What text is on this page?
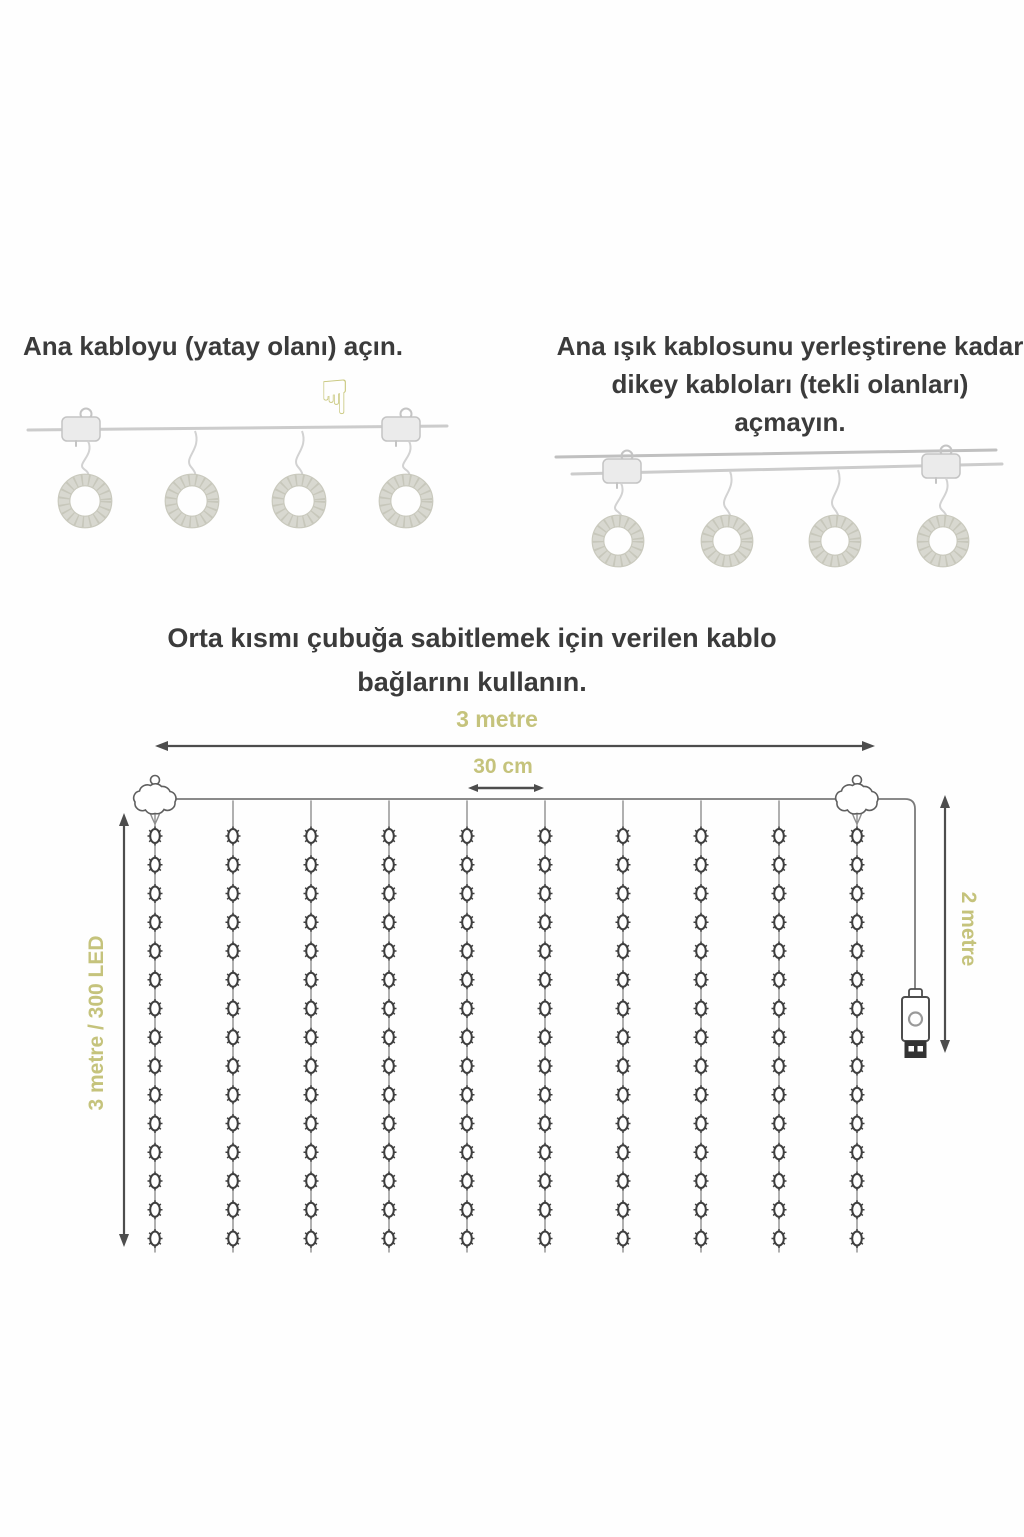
Ana kabloyu (yatay olanı) açın.	Ana ışık kablosunu yerleştirene kadar
dikey kabloları (tekli olanları) açmayın.
☟
Orta kısmı çubuğa sabitlemek için verilen kablo
bağlarını kullanın.
3 metre
30 cm
3 metre / 300 LED
2 metre
